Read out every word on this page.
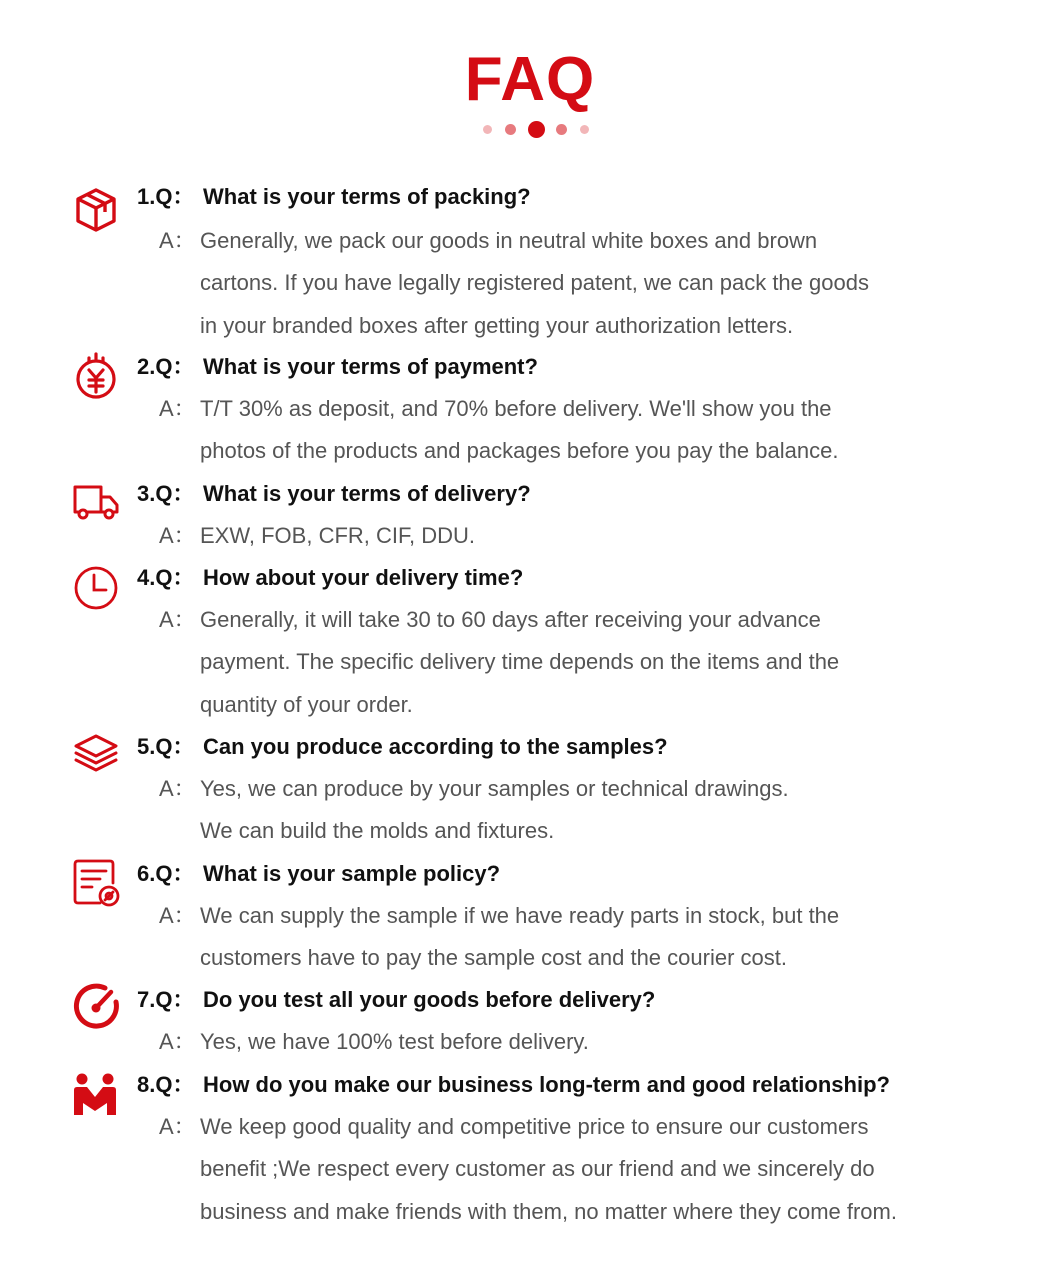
FAQ
1.Q： What is your terms of packing?
A： Generally, we pack our goods in neutral white boxes and brown
cartons. If you have legally registered patent, we can pack the goods
in your branded boxes after getting your authorization letters.
2.Q： What is your terms of payment?
A： T/T 30% as deposit, and 70% before delivery. We'll show you the
photos of the products and packages before you pay the balance.
3.Q： What is your terms of delivery?
A： EXW, FOB, CFR, CIF, DDU.
4.Q： How about your delivery time?
A： Generally, it will take 30 to 60 days after receiving your advance
payment. The specific delivery time depends on the items and the
quantity of your order.
5.Q： Can you produce according to the samples?
A： Yes, we can produce by your samples or technical drawings.
We can build the molds and fixtures.
6.Q： What is your sample policy?
A： We can supply the sample if we have ready parts in stock, but the
customers have to pay the sample cost and the courier cost.
7.Q： Do you test all your goods before delivery?
A： Yes, we have 100% test before delivery.
8.Q： How do you make our business long-term and good relationship?
A： We keep good quality and competitive price to ensure our customers
benefit ;We respect every customer as our friend and we sincerely do
business and make friends with them, no matter where they come from.
